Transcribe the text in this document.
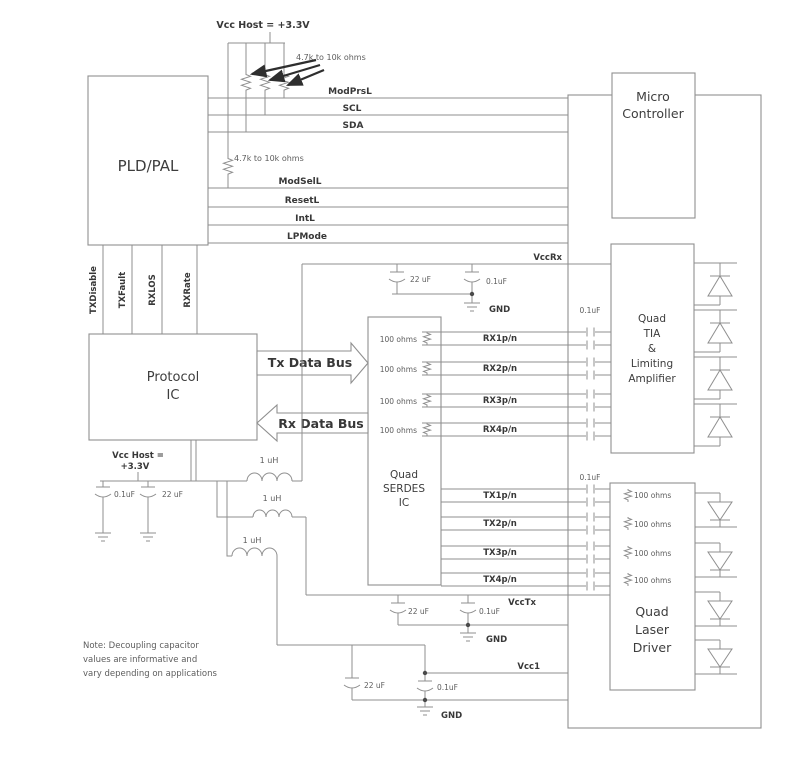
ModPrsL
SCL
SDA
ModSelL
ResetL
IntL
LPMode
Vcc Host = +3.3V
4.7k to 10k ohms
4.7k to 10k ohms
PLD/PAL
TXDisable TXFault RXLOS	RXRate
Protocol
IC
Quad
SERDES
IC
Tx Data Bus
Rx Data Bus
100 ohms	RX1p/n
100 ohms	RX2p/n
100 ohms	RX3p/n
100 ohms	RX4p/n
0.1uF
TX1p/n
TX2p/n
TX3p/n
TX4p/n
0.1uF
VccRx
22 uF	0.1uF
GND
Vcc Host =
+3.3V
0.1uF	22 uF
1 uH
1 uH
1 uH
VccTx
22 uF	0.1uF
GND
Vcc1
22 uF	0.1uF
GND
Micro
Controller
Quad
TIA
&
Limiting
Amplifier
100 ohms
100 ohms
100 ohms
100 ohms
Quad
Laser
Driver
Note: Decoupling capacitor
values are informative and
vary depending on applications
